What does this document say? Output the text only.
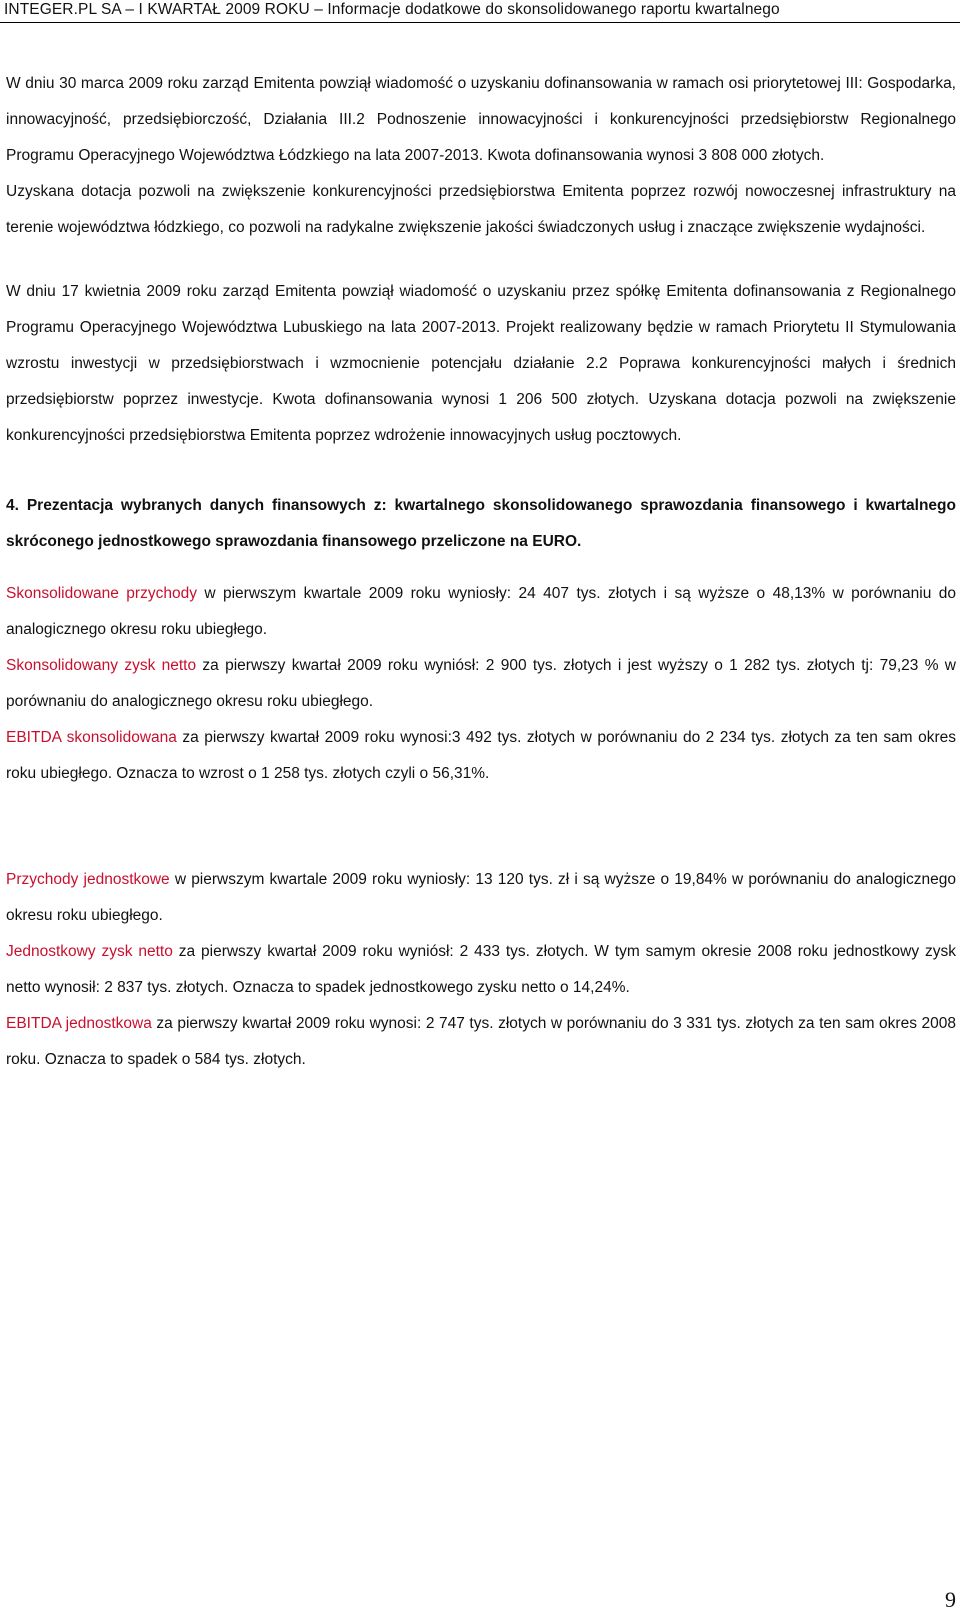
INTEGER.PL SA – I KWARTAŁ 2009 ROKU – Informacje dodatkowe do skonsolidowanego raportu kwartalnego

W dniu 30 marca 2009 roku zarząd Emitenta powziął wiadomość o uzyskaniu dofinansowania w ramach osi priorytetowej III: Gospodarka, innowacyjność, przedsiębiorczość, Działania III.2 Podnoszenie innowacyjności i konkurencyjności przedsiębiorstw Regionalnego Programu Operacyjnego Województwa Łódzkiego na lata 2007-2013. Kwota dofinansowania wynosi 3 808 000 złotych.

Uzyskana dotacja pozwoli na zwiększenie konkurencyjności przedsiębiorstwa Emitenta poprzez rozwój nowoczesnej infrastruktury na terenie województwa łódzkiego, co pozwoli na radykalne zwiększenie jakości świadczonych usług i znaczące zwiększenie wydajności.

W dniu 17 kwietnia 2009 roku zarząd Emitenta powziął wiadomość o uzyskaniu przez spółkę Emitenta dofinansowania z Regionalnego Programu Operacyjnego Województwa Lubuskiego na lata 2007-2013. Projekt realizowany będzie w ramach Priorytetu II Stymulowania wzrostu inwestycji w przedsiębiorstwach i wzmocnienie potencjału działanie 2.2 Poprawa konkurencyjności małych i średnich przedsiębiorstw poprzez inwestycje. Kwota dofinansowania wynosi 1 206 500 złotych. Uzyskana dotacja pozwoli na zwiększenie konkurencyjności przedsiębiorstwa Emitenta poprzez wdrożenie innowacyjnych usług pocztowych.

4. Prezentacja wybranych danych finansowych z: kwartalnego skonsolidowanego sprawozdania finansowego i kwartalnego skróconego jednostkowego sprawozdania finansowego przeliczone na EURO.

Skonsolidowane przychody w pierwszym kwartale 2009 roku wyniosły: 24 407 tys. złotych i są wyższe o 48,13% w porównaniu do analogicznego okresu roku ubiegłego.

Skonsolidowany zysk netto za pierwszy kwartał 2009 roku wyniósł: 2 900 tys. złotych i jest wyższy o 1 282 tys. złotych tj: 79,23 % w porównaniu do analogicznego okresu roku ubiegłego.

EBITDA skonsolidowana za pierwszy kwartał 2009 roku wynosi:3 492 tys. złotych w porównaniu do 2 234 tys. złotych za ten sam okres roku ubiegłego. Oznacza to wzrost o 1 258 tys. złotych czyli o 56,31%.

Przychody jednostkowe w pierwszym kwartale 2009 roku wyniosły: 13 120 tys. zł i są wyższe o 19,84% w porównaniu do analogicznego okresu roku ubiegłego.

Jednostkowy zysk netto za pierwszy kwartał 2009 roku wyniósł: 2 433 tys. złotych. W tym samym okresie 2008 roku jednostkowy zysk netto wynosił: 2 837 tys. złotych. Oznacza to spadek jednostkowego zysku netto o 14,24%.

EBITDA jednostkowa za pierwszy kwartał 2009 roku wynosi: 2 747 tys. złotych w porównaniu do 3 331 tys. złotych za ten sam okres 2008 roku. Oznacza to spadek o 584 tys. złotych.

9
